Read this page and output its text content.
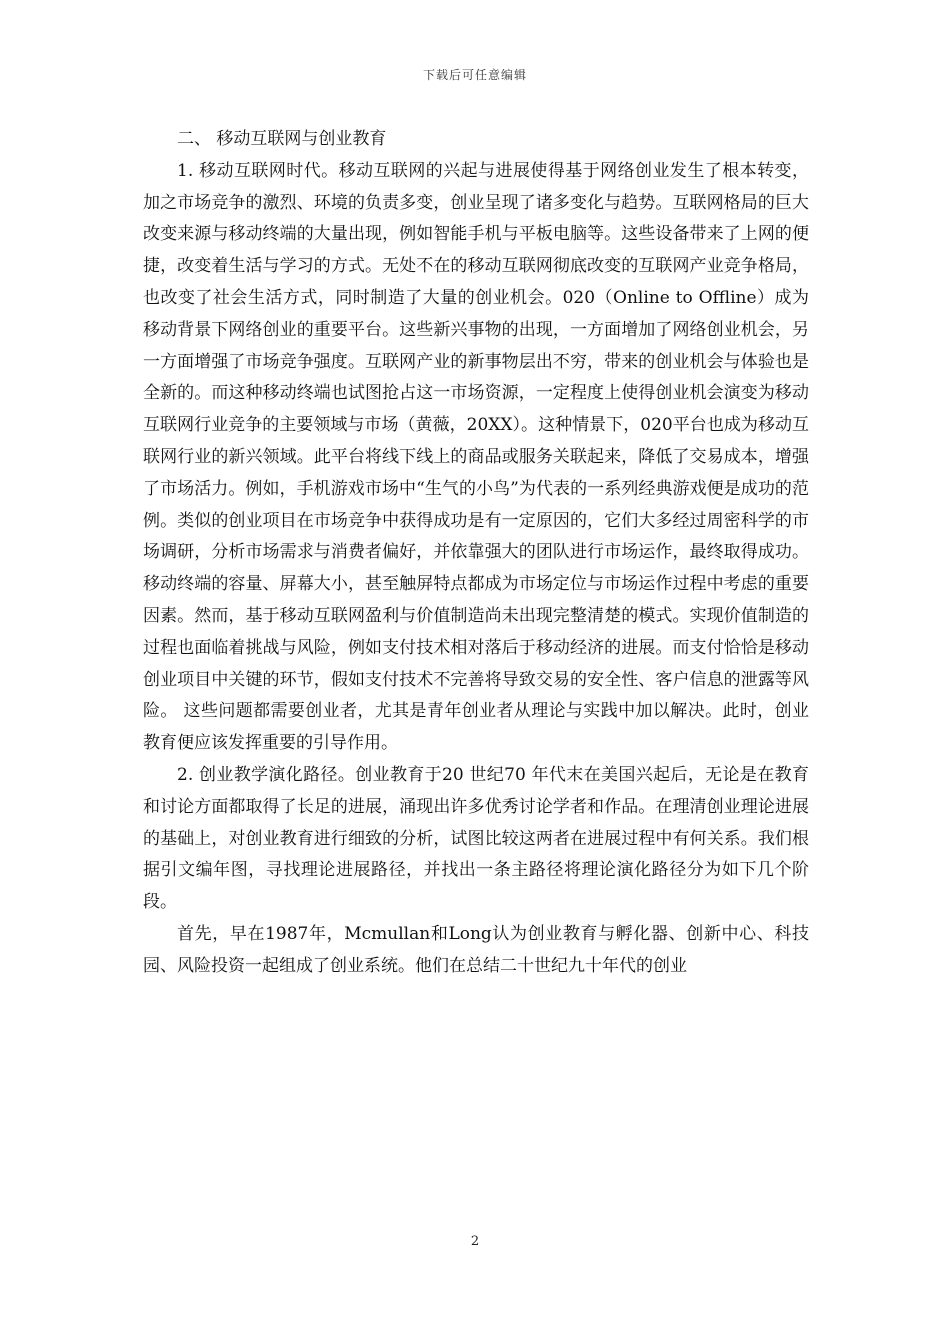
下载后可任意编辑

二、 移动互联网与创业教育

1. 移动互联网时代。移动互联网的兴起与进展使得基于网络创业发生了根本转变，加之市场竞争的激烈、环境的负责多变，创业呈现了诸多变化与趋势。互联网格局的巨大改变来源与移动终端的大量出现，例如智能手机与平板电脑等。这些设备带来了上网的便捷，改变着生活与学习的方式。无处不在的移动互联网彻底改变的互联网产业竞争格局，也改变了社会生活方式，同时制造了大量的创业机会。020（Online to Offline）成为移动背景下网络创业的重要平台。这些新兴事物的出现，一方面增加了网络创业机会，另一方面增强了市场竞争强度。互联网产业的新事物层出不穷，带来的创业机会与体验也是全新的。而这种移动终端也试图抢占这一市场资源，一定程度上使得创业机会演变为移动互联网行业竞争的主要领域与市场（黄薇，20XX）。这种情景下，020平台也成为移动互联网行业的新兴领域。此平台将线下线上的商品或服务关联起来，降低了交易成本，增强了市场活力。例如，手机游戏市场中“生气的小鸟”为代表的一系列经典游戏便是成功的范例。类似的创业项目在市场竞争中获得成功是有一定原因的，它们大多经过周密科学的市场调研，分析市场需求与消费者偏好，并依靠强大的团队进行市场运作，最终取得成功。移动终端的容量、屏幕大小，甚至触屏特点都成为市场定位与市场运作过程中考虑的重要因素。然而，基于移动互联网盈利与价值制造尚未出现完整清楚的模式。实现价值制造的过程也面临着挑战与风险，例如支付技术相对落后于移动经济的进展。而支付恰恰是移动创业项目中关键的环节，假如支付技术不完善将导致交易的安全性、客户信息的泄露等风险。 这些问题都需要创业者，尤其是青年创业者从理论与实践中加以解决。此时，创业教育便应该发挥重要的引导作用。

2. 创业教学演化路径。创业教育于20 世纪70 年代末在美国兴起后，无论是在教育和讨论方面都取得了长足的进展，涌现出许多优秀讨论学者和作品。在理清创业理论进展的基础上，对创业教育进行细致的分析，试图比较这两者在进展过程中有何关系。我们根据引文编年图，寻找理论进展路径，并找出一条主路径将理论演化路径分为如下几个阶段。

首先，早在1987年，Mcmullan和Long认为创业教育与孵化器、创新中心、科技园、风险投资一起组成了创业系统。他们在总结二十世纪九十年代的创业

2
